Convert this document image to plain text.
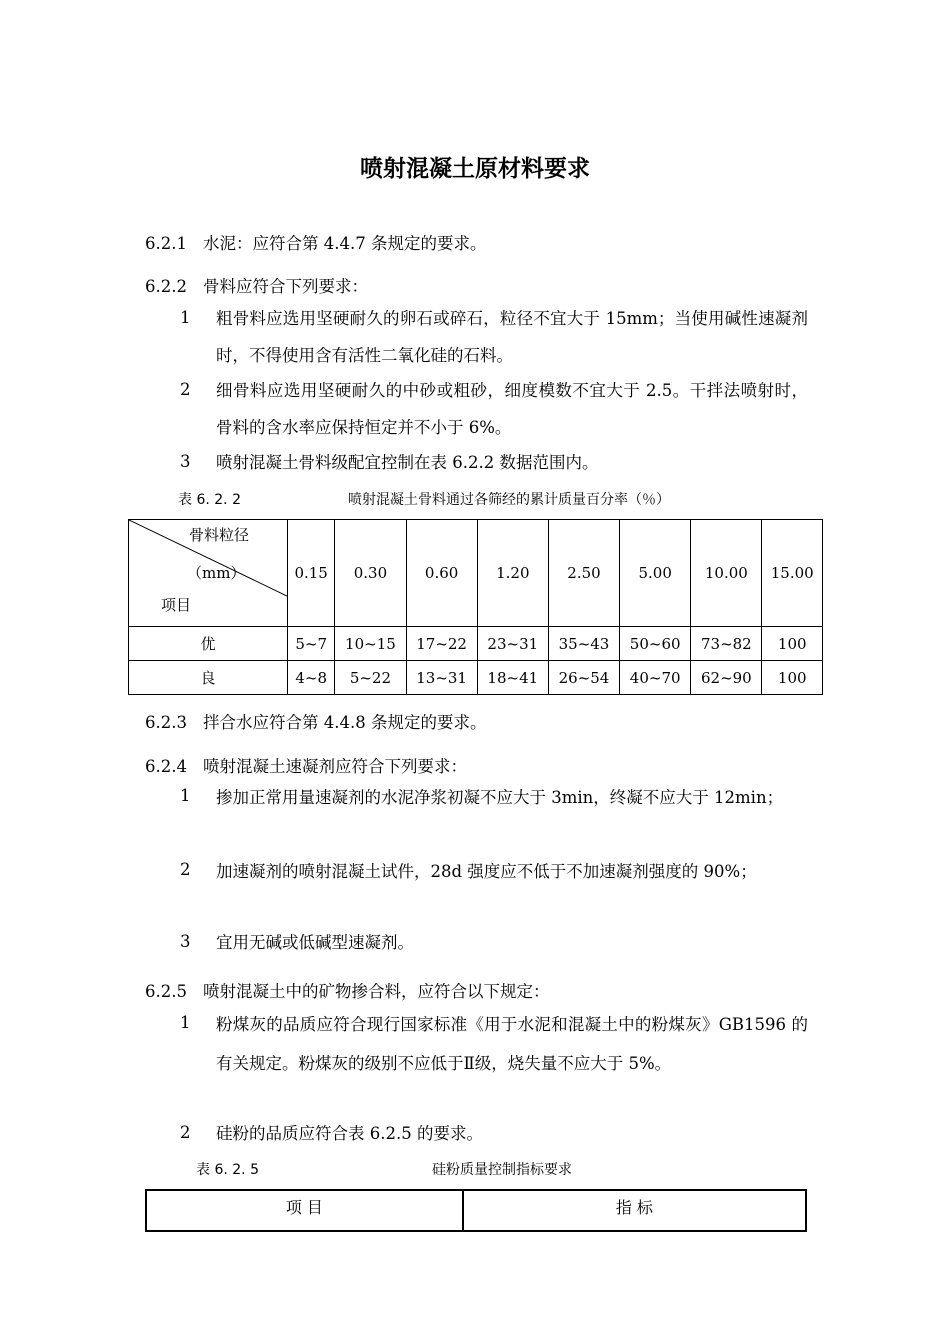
喷射混凝土原材料要求
6.2.1 水泥：应符合第 4.4.7 条规定的要求。
6.2.2 骨料应符合下列要求：
1 粗骨料应选用坚硬耐久的卵石或碎石，粒径不宜大于 15mm；当使用碱性速凝剂时，不得使用含有活性二氧化硅的石料。
2 细骨料应选用坚硬耐久的中砂或粗砂，细度模数不宜大于 2.5。干拌法喷射时，骨料的含水率应保持恒定并不小于 6%。
3 喷射混凝土骨料级配宜控制在表 6.2.2 数据范围内。
表 6. 2. 2	喷射混凝土骨料通过各筛经的累计质量百分率（％）
骨料粒径
（mm）
项目	0.15	0.30	0.60	1.20	2.50	5.00	10.00	15.00
优	5~7	10~15	17~22	23~31	35~43	50~60	73~82	100
良	4~8	5~22	13~31	18~41	26~54	40~70	62~90	100
6.2.3 拌合水应符合第 4.4.8 条规定的要求。
6.2.4 喷射混凝土速凝剂应符合下列要求：
1 掺加正常用量速凝剂的水泥净浆初凝不应大于 3min，终凝不应大于 12min；
2 加速凝剂的喷射混凝土试件，28d 强度应不低于不加速凝剂强度的 90%；
3 宜用无碱或低碱型速凝剂。
6.2.5 喷射混凝土中的矿物掺合料，应符合以下规定：
1 粉煤灰的品质应符合现行国家标准《用于水泥和混凝土中的粉煤灰》GB1596 的有关规定。粉煤灰的级别不应低于Ⅱ级，烧失量不应大于 5%。
2 硅粉的品质应符合表 6.2.5 的要求。
表 6. 2. 5	硅粉质量控制指标要求
项 目	指 标
